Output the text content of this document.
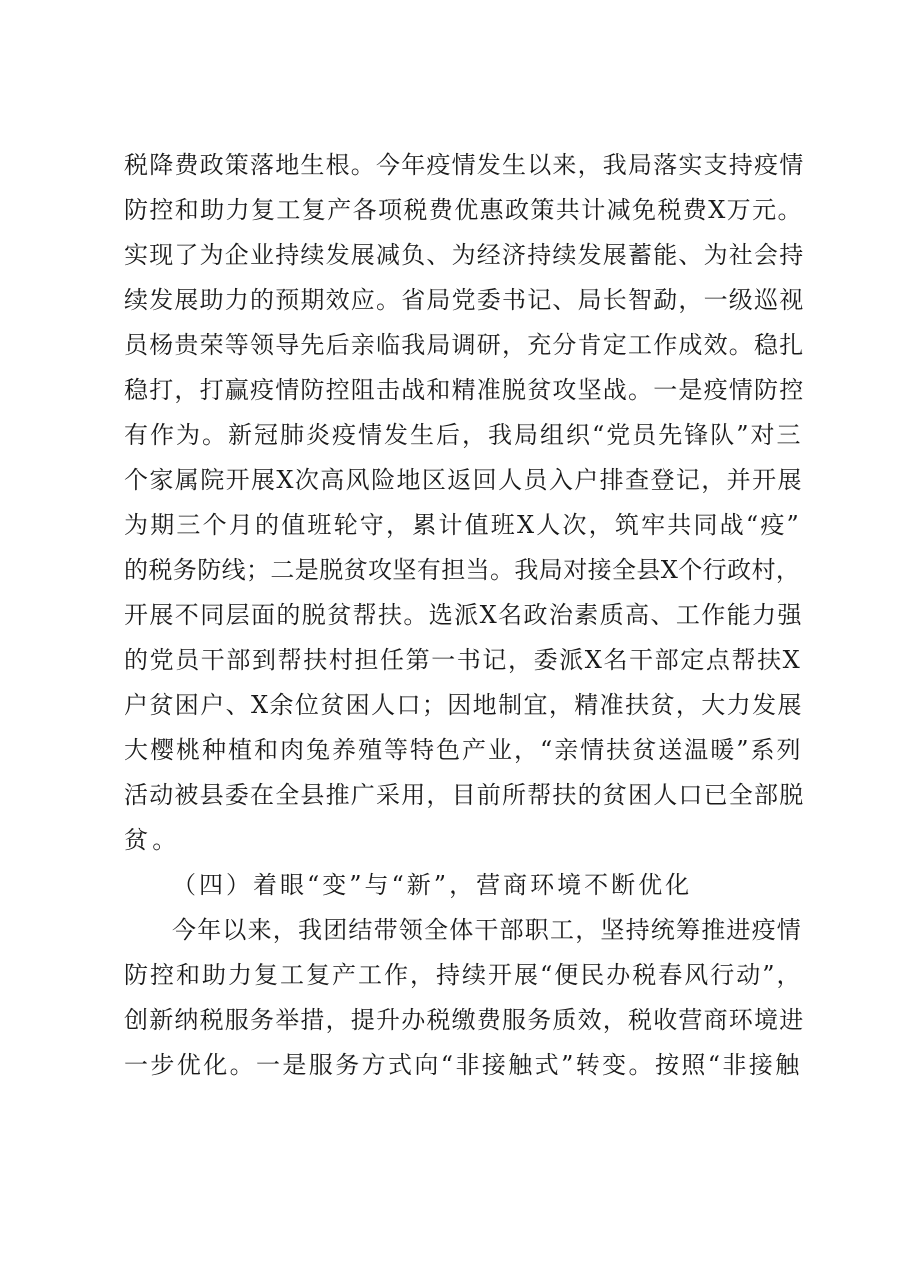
税降费政策落地生根。今年疫情发生以来，我局落实支持疫情
防控和助力复工复产各项税费优惠政策共计减免税费X万元。
实现了为企业持续发展减负、为经济持续发展蓄能、为社会持
续发展助力的预期效应。省局党委书记、局长智勐，一级巡视
员杨贵荣等领导先后亲临我局调研，充分肯定工作成效。稳扎
稳打，打赢疫情防控阻击战和精准脱贫攻坚战。一是疫情防控
有作为。新冠肺炎疫情发生后，我局组织“党员先锋队”对三
个家属院开展X次高风险地区返回人员入户排查登记，并开展
为期三个月的值班轮守，累计值班X人次，筑牢共同战“疫”
的税务防线；二是脱贫攻坚有担当。我局对接全县X个行政村，
开展不同层面的脱贫帮扶。选派X名政治素质高、工作能力强
的党员干部到帮扶村担任第一书记，委派X名干部定点帮扶X
户贫困户、X余位贫困人口；因地制宜，精准扶贫，大力发展
大樱桃种植和肉兔养殖等特色产业，“亲情扶贫送温暖”系列
活动被县委在全县推广采用，目前所帮扶的贫困人口已全部脱
贫。
（四）着眼“变”与“新”，营商环境不断优化
今年以来，我团结带领全体干部职工，坚持统筹推进疫情
防控和助力复工复产工作，持续开展“便民办税春风行动”，
创新纳税服务举措，提升办税缴费服务质效，税收营商环境进
一步优化。一是服务方式向“非接触式”转变。按照“非接触
